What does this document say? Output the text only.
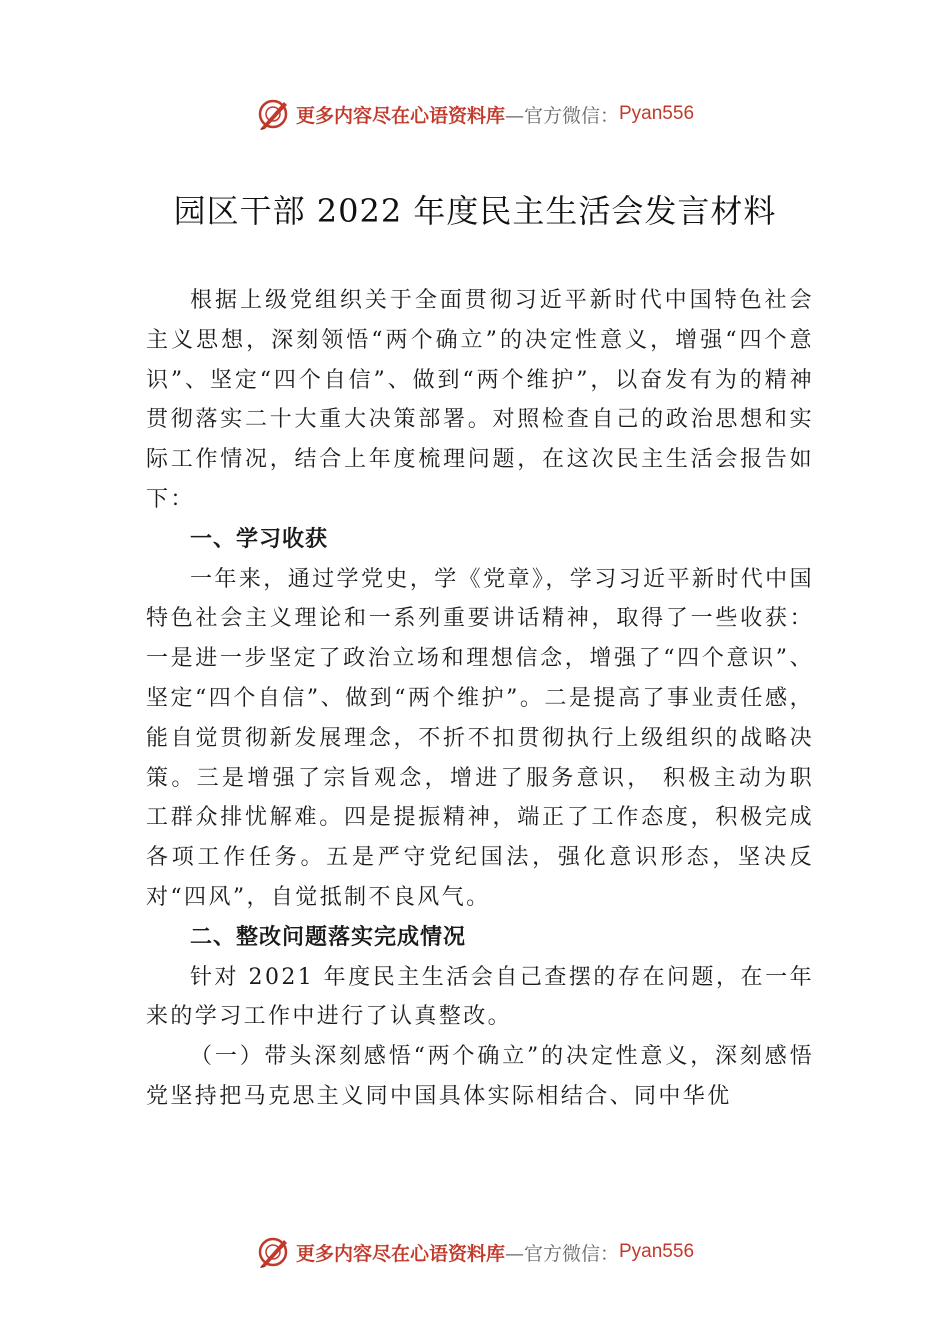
更多内容尽在心语资料库 —官方微信： Pyan556
园区干部 2022 年度民主生活会发言材料

根据上级党组织关于全面贯彻习近平新时代中国特色社会主义思想，深刻领悟“两个确立”的决定性意义，增强“四个意识”、坚定“四个自信”、做到“两个维护”，以奋发有为的精神贯彻落实二十大重大决策部署。对照检查自己的政治思想和实际工作情况，结合上年度梳理问题，在这次民主生活会报告如下：

一、学习收获

一年来，通过学党史，学《党章》，学习习近平新时代中国特色社会主义理论和一系列重要讲话精神，取得了一些收获：一是进一步坚定了政治立场和理想信念，增强了“四个意识”、坚定“四个自信”、做到“两个维护”。二是提高了事业责任感，能自觉贯彻新发展理念，不折不扣贯彻执行上级组织的战略决策。三是增强了宗旨观念，增进了服务意识， 积极主动为职工群众排忧解难。四是提振精神，端正了工作态度，积极完成各项工作任务。五是严守党纪国法，强化意识形态，坚决反对“四风”，自觉抵制不良风气。

二、整改问题落实完成情况

针对 2021 年度民主生活会自己查摆的存在问题，在一年来的学习工作中进行了认真整改。

（一）带头深刻感悟“两个确立”的决定性意义，深刻感悟党坚持把马克思主义同中国具体实际相结合、同中华优

更多内容尽在心语资料库 —官方微信： Pyan556
